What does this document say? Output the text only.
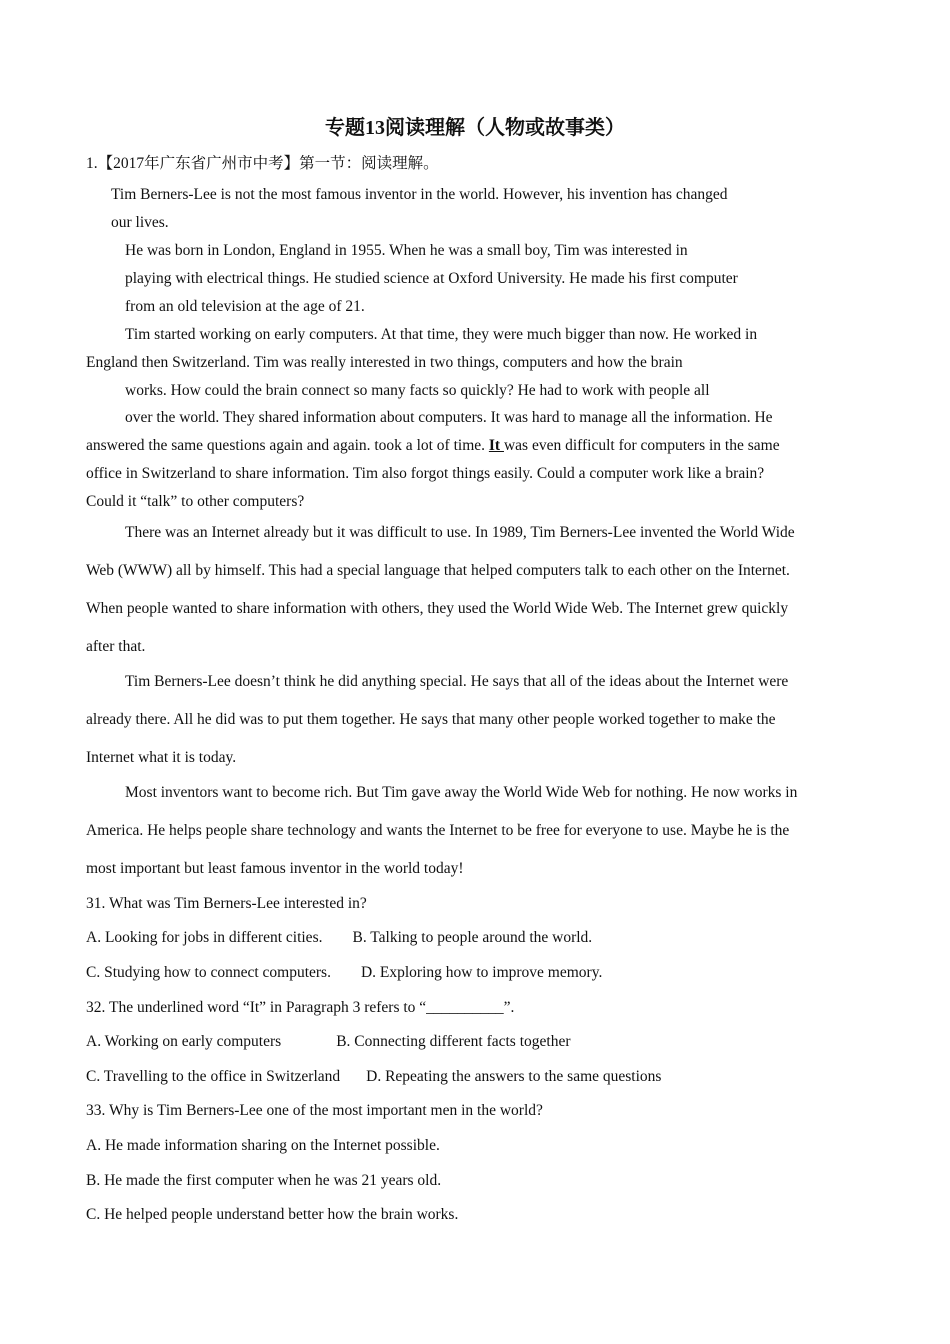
专题13阅读理解（人物或故事类）
1.【2017年广东省广州市中考】第一节：阅读理解。
Tim Berners-Lee is not the most famous inventor in the world. However, his invention has changed
our lives.
He was born in London, England in 1955. When he was a small boy, Tim was interested in
playing with electrical things. He studied science at Oxford University. He made his first computer
from an old television at the age of 21.
Tim started working on early computers. At that time, they were much bigger than now. He worked in
England then Switzerland. Tim was really interested in two things, computers and how the brain
works. How could the brain connect so many facts so quickly? He had to work with people all
over the world. They shared information about computers. It was hard to manage all the information. He
answered the same questions again and again. took a lot of time. It was even difficult for computers in the same
office in Switzerland to share information. Tim also forgot things easily. Could a computer work like a brain?
Could it “talk” to other computers?
There was an Internet already but it was difficult to use. In 1989, Tim Berners-Lee invented the World Wide
Web (WWW) all by himself. This had a special language that helped computers talk to each other on the Internet.
When people wanted to share information with others, they used the World Wide Web. The Internet grew quickly
after that.
Tim Berners-Lee doesn’t think he did anything special. He says that all of the ideas about the Internet were
already there. All he did was to put them together. He says that many other people worked together to make the
Internet what it is today.
Most inventors want to become rich. But Tim gave away the World Wide Web for nothing. He now works in
America. He helps people share technology and wants the Internet to be free for everyone to use. Maybe he is the
most important but least famous inventor in the world today!
31. What was Tim Berners-Lee interested in?
A. Looking for jobs in different cities. B. Talking to people around the world.
C. Studying how to connect computers. D. Exploring how to improve memory.
32. The underlined word “It” in Paragraph 3 refers to “__________”.
A. Working on early computers	B. Connecting different facts together
C. Travelling to the office in Switzerland D. Repeating the answers to the same questions
33. Why is Tim Berners-Lee one of the most important men in the world?
A. He made information sharing on the Internet possible.
B. He made the first computer when he was 21 years old.
C. He helped people understand better how the brain works.
